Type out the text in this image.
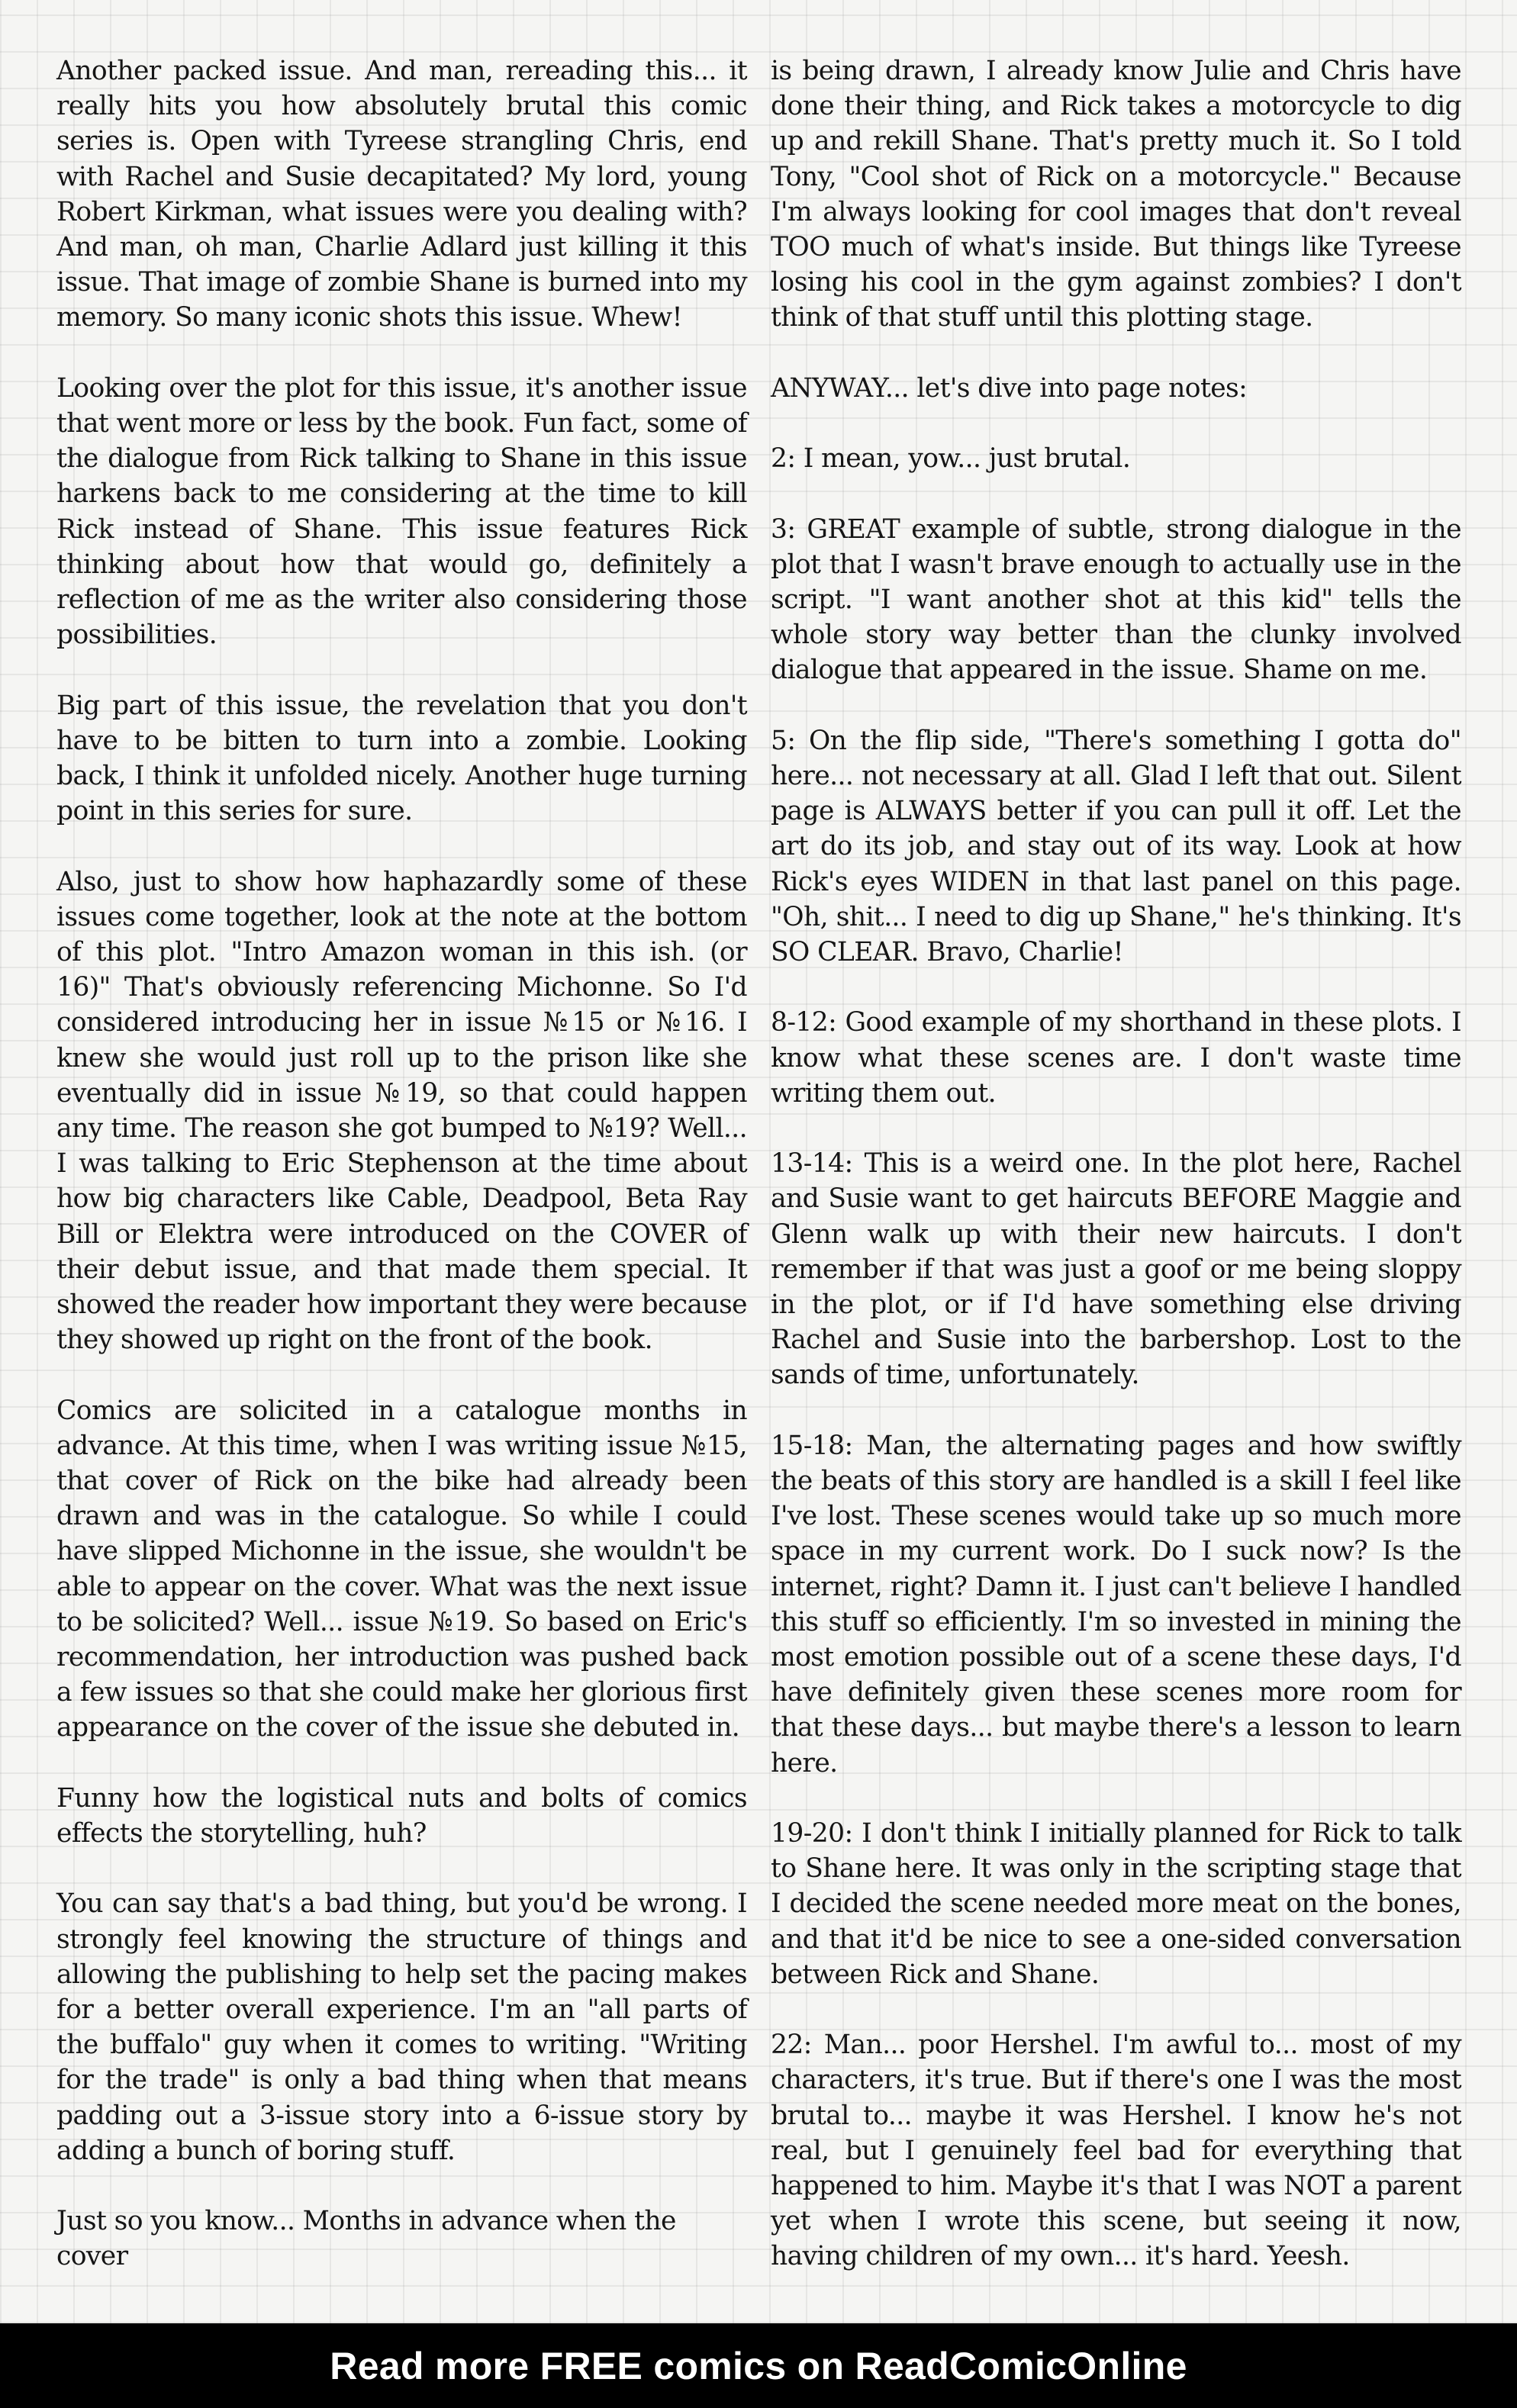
Another packed issue. And man, rereading this... it really hits you how absolutely brutal this comic series is. Open with Tyreese strangling Chris, end with Rachel and Susie decapitated? My lord, young Robert Kirkman, what issues were you dealing with? And man, oh man, Charlie Adlard just killing it this issue. That image of zombie Shane is burned into my memory. So many iconic shots this issue. Whew!

Looking over the plot for this issue, it's another issue that went more or less by the book. Fun fact, some of the dialogue from Rick talking to Shane in this issue harkens back to me considering at the time to kill Rick instead of Shane. This issue features Rick thinking about how that would go, definitely a reflection of me as the writer also considering those possibilities.

Big part of this issue, the revelation that you don't have to be bitten to turn into a zombie. Looking back, I think it unfolded nicely. Another huge turning point in this series for sure.

Also, just to show how haphazardly some of these issues come together, look at the note at the bottom of this plot. "Intro Amazon woman in this ish. (or 16)" That's obviously referencing Michonne. So I'd considered introducing her in issue №15 or №16. I knew she would just roll up to the prison like she eventually did in issue №19, so that could happen any time. The reason she got bumped to №19? Well... I was talking to Eric Stephenson at the time about how big characters like Cable, Deadpool, Beta Ray Bill or Elektra were introduced on the COVER of their debut issue, and that made them special. It showed the reader how important they were because they showed up right on the front of the book.

Comics are solicited in a catalogue months in advance. At this time, when I was writing issue №15, that cover of Rick on the bike had already been drawn and was in the catalogue. So while I could have slipped Michonne in the issue, she wouldn't be able to appear on the cover. What was the next issue to be solicited? Well... issue №19. So based on Eric's recommendation, her introduction was pushed back a few issues so that she could make her glorious first appearance on the cover of the issue she debuted in.

Funny how the logistical nuts and bolts of comics effects the storytelling, huh?

You can say that's a bad thing, but you'd be wrong. I strongly feel knowing the structure of things and allowing the publishing to help set the pacing makes for a better overall experience. I'm an "all parts of the buffalo" guy when it comes to writing. "Writing for the trade" is only a bad thing when that means padding out a 3-issue story into a 6-issue story by adding a bunch of boring stuff.

Just so you know... Months in advance when the cover

is being drawn, I already know Julie and Chris have done their thing, and Rick takes a motorcycle to dig up and rekill Shane. That's pretty much it. So I told Tony, "Cool shot of Rick on a motorcycle." Because I'm always looking for cool images that don't reveal TOO much of what's inside. But things like Tyreese losing his cool in the gym against zombies? I don't think of that stuff until this plotting stage.

ANYWAY... let's dive into page notes:

2: I mean, yow... just brutal.

3: GREAT example of subtle, strong dialogue in the plot that I wasn't brave enough to actually use in the script. "I want another shot at this kid" tells the whole story way better than the clunky involved dialogue that appeared in the issue. Shame on me.

5: On the flip side, "There's something I gotta do" here... not necessary at all. Glad I left that out. Silent page is ALWAYS better if you can pull it off. Let the art do its job, and stay out of its way. Look at how Rick's eyes WIDEN in that last panel on this page. "Oh, shit... I need to dig up Shane," he's thinking. It's SO CLEAR. Bravo, Charlie!

8-12: Good example of my shorthand in these plots. I know what these scenes are. I don't waste time writing them out.

13-14: This is a weird one. In the plot here, Rachel and Susie want to get haircuts BEFORE Maggie and Glenn walk up with their new haircuts. I don't remember if that was just a goof or me being sloppy in the plot, or if I'd have something else driving Rachel and Susie into the barbershop. Lost to the sands of time, unfortunately.

15-18: Man, the alternating pages and how swiftly the beats of this story are handled is a skill I feel like I've lost. These scenes would take up so much more space in my current work. Do I suck now? Is the internet, right? Damn it. I just can't believe I handled this stuff so efficiently. I'm so invested in mining the most emotion possible out of a scene these days, I'd have definitely given these scenes more room for that these days... but maybe there's a lesson to learn here.

19-20: I don't think I initially planned for Rick to talk to Shane here. It was only in the scripting stage that I decided the scene needed more meat on the bones, and that it'd be nice to see a one-sided conversation between Rick and Shane.

22: Man... poor Hershel. I'm awful to... most of my characters, it's true. But if there's one I was the most brutal to... maybe it was Hershel. I know he's not real, but I genuinely feel bad for everything that happened to him. Maybe it's that I was NOT a parent yet when I wrote this scene, but seeing it now, having children of my own... it's hard. Yeesh.

Read more FREE comics on ReadComicOnline
